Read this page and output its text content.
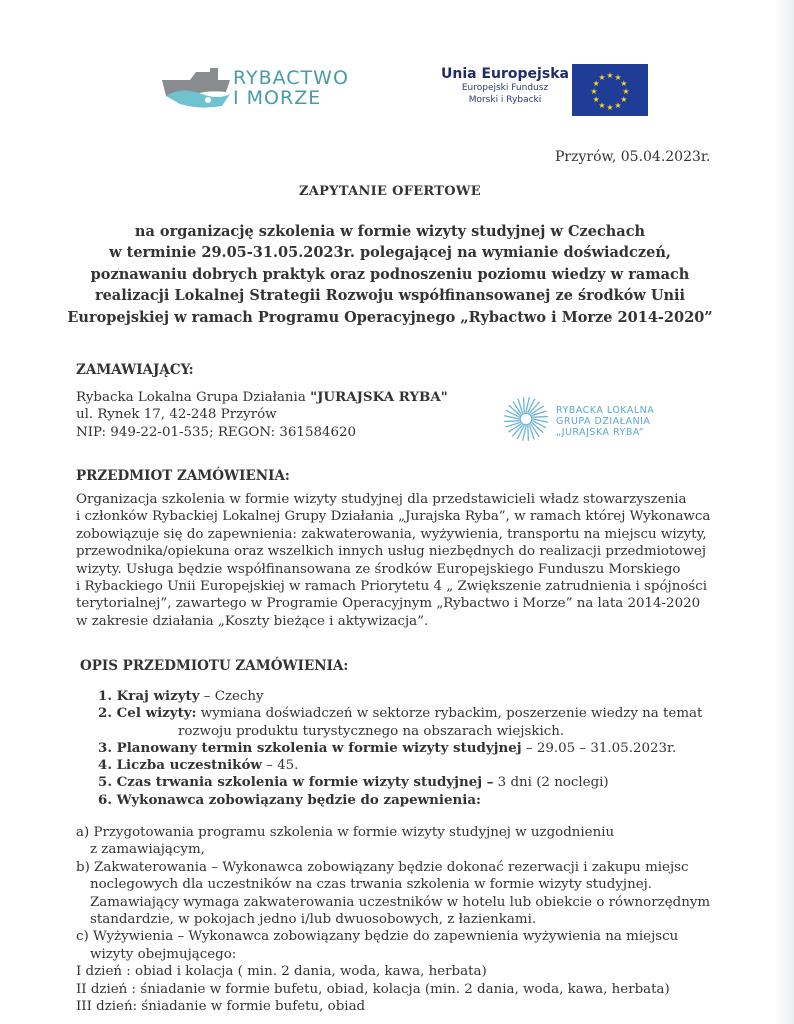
RYBACTWO
I MORZE
Unia Europejska
Europejski Fundusz
Morski i Rybacki
★ ★
★
★
★
★
★
★
★
★
★
★
Przyrów, 05.04.2023r.
ZAPYTANIE OFERTOWE
na organizację szkolenia w formie wizyty studyjnej w Czechach
w terminie 29.05-31.05.2023r. polegającej na wymianie doświadczeń,
poznawaniu dobrych praktyk oraz podnoszeniu poziomu wiedzy w ramach
realizacji Lokalnej Strategii Rozwoju współfinansowanej ze środków Unii
Europejskiej w ramach Programu Operacyjnego „Rybactwo i Morze 2014-2020”
ZAMAWIAJĄCY:
Rybacka Lokalna Grupa Działania "JURAJSKA RYBA"
ul. Rynek 17, 42-248 Przyrów
NIP: 949-22-01-535; REGON: 361584620
RYBACKA LOKALNA
GRUPA DZIAŁANIA
„JURAJSKA RYBA”
PRZEDMIOT ZAMÓWIENIA:
Organizacja szkolenia w formie wizyty studyjnej dla przedstawicieli władz stowarzyszenia
i członków Rybackiej Lokalnej Grupy Działania „Jurajska Ryba”, w ramach której Wykonawca
zobowiązuje się do zapewnienia: zakwaterowania, wyżywienia, transportu na miejscu wizyty,
przewodnika/opiekuna oraz wszelkich innych usług niezbędnych do realizacji przedmiotowej
wizyty. Usługa będzie współfinansowana ze środków Europejskiego Funduszu Morskiego
i Rybackiego Unii Europejskiej w ramach Priorytetu 4 „ Zwiększenie zatrudnienia i spójności
terytorialnej”, zawartego w Programie Operacyjnym „Rybactwo i Morze” na lata 2014-2020
w zakresie działania „Koszty bieżące i aktywizacja”.
OPIS PRZEDMIOTU ZAMÓWIENIA:
1. Kraj wizyty – Czechy
2. Cel wizyty: wymiana doświadczeń w sektorze rybackim, poszerzenie wiedzy na temat
rozwoju produktu turystycznego na obszarach wiejskich.
3. Planowany termin szkolenia w formie wizyty studyjnej – 29.05 – 31.05.2023r.
4. Liczba uczestników – 45.
5. Czas trwania szkolenia w formie wizyty studyjnej – 3 dni (2 noclegi)
6. Wykonawca zobowiązany będzie do zapewnienia:
a) Przygotowania programu szkolenia w formie wizyty studyjnej w uzgodnieniu
z zamawiającym,
b) Zakwaterowania – Wykonawca zobowiązany będzie dokonać rezerwacji i zakupu miejsc
noclegowych dla uczestników na czas trwania szkolenia w formie wizyty studyjnej.
Zamawiający wymaga zakwaterowania uczestników w hotelu lub obiekcie o równorzędnym
standardzie, w pokojach jedno i/lub dwuosobowych, z łazienkami.
c) Wyżywienia – Wykonawca zobowiązany będzie do zapewnienia wyżywienia na miejscu
wizyty obejmującego:
I dzień : obiad i kolacja ( min. 2 dania, woda, kawa, herbata)
II dzień : śniadanie w formie bufetu, obiad, kolacja (min. 2 dania, woda, kawa, herbata)
III dzień: śniadanie w formie bufetu, obiad
